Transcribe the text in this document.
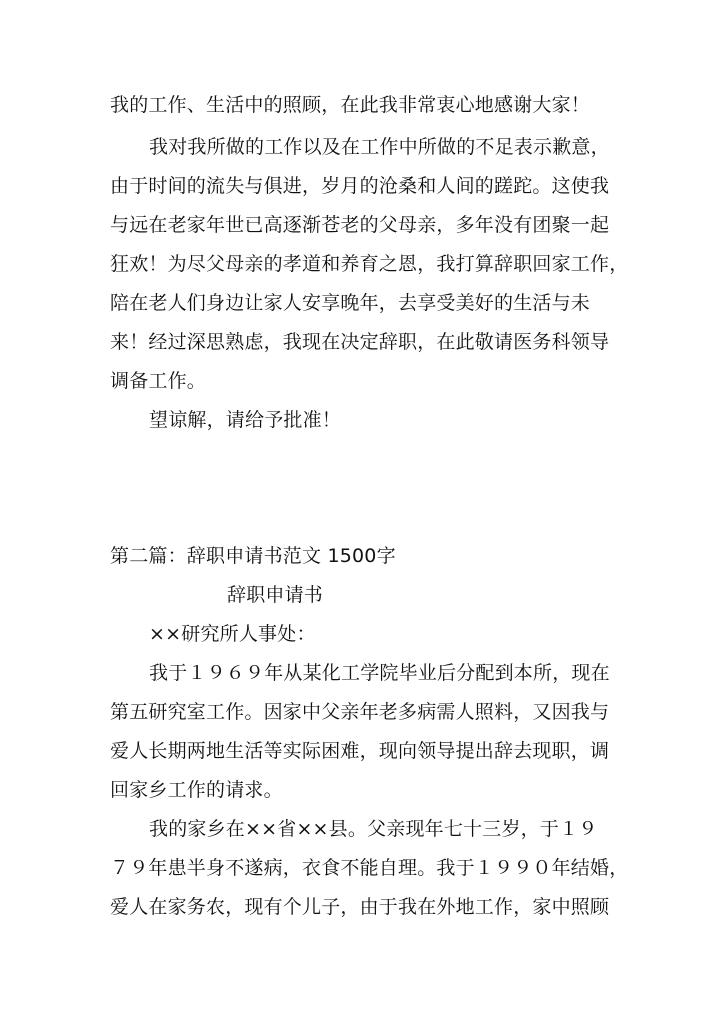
我的工作、生活中的照顾，在此我非常衷心地感谢大家！
我对我所做的工作以及在工作中所做的不足表示歉意，
由于时间的流失与俱进，岁月的沧桑和人间的蹉跎。这使我
与远在老家年世已高逐渐苍老的父母亲，多年没有团聚一起
狂欢！为尽父母亲的孝道和养育之恩，我打算辞职回家工作，
陪在老人们身边让家人安享晚年，去享受美好的生活与未
来！经过深思熟虑，我现在决定辞职，在此敬请医务科领导
调备工作。
望谅解，请给予批准！
第二篇：辞职申请书范文 1500字
辞职申请书
××研究所人事处：
我于１９６９年从某化工学院毕业后分配到本所，现在
第五研究室工作。因家中父亲年老多病需人照料，又因我与
爱人长期两地生活等实际困难，现向领导提出辞去现职，调
回家乡工作的请求。
我的家乡在××省××县。父亲现年七十三岁，于１９
７９年患半身不遂病，衣食不能自理。我于１９９０年结婚，
爱人在家务农，现有个儿子，由于我在外地工作，家中照顾
